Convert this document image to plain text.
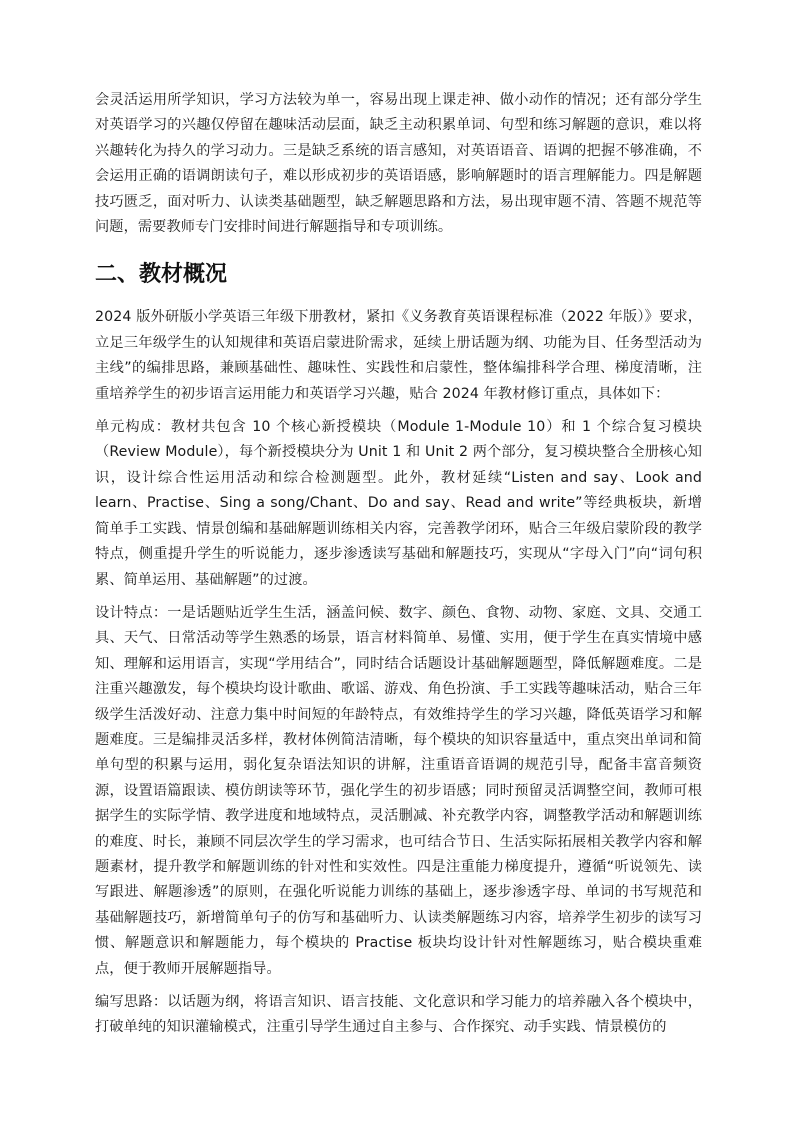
会灵活运用所学知识，学习方法较为单一，容易出现上课走神、做小动作的情况；还有部分学生对英语学习的兴趣仅停留在趣味活动层面，缺乏主动积累单词、句型和练习解题的意识，难以将兴趣转化为持久的学习动力。三是缺乏系统的语言感知，对英语语音、语调的把握不够准确，不会运用正确的语调朗读句子，难以形成初步的英语语感，影响解题时的语言理解能力。四是解题技巧匮乏，面对听力、认读类基础题型，缺乏解题思路和方法，易出现审题不清、答题不规范等问题，需要教师专门安排时间进行解题指导和专项训练。

二、教材概况

2024 版外研版小学英语三年级下册教材，紧扣《义务教育英语课程标准（2022 年版）》要求，立足三年级学生的认知规律和英语启蒙进阶需求，延续上册话题为纲、功能为目、任务型活动为主线”的编排思路，兼顾基础性、趣味性、实践性和启蒙性，整体编排科学合理、梯度清晰，注重培养学生的初步语言运用能力和英语学习兴趣，贴合 2024 年教材修订重点，具体如下：

单元构成：教材共包含 10 个核心新授模块（Module 1-Module 10）和 1 个综合复习模块（Review Module），每个新授模块分为 Unit 1 和 Unit 2 两个部分，复习模块整合全册核心知识，设计综合性运用活动和综合检测题型。此外，教材延续“Listen and say、Look and learn、Practise、Sing a song/Chant、Do and say、Read and write”等经典板块，新增简单手工实践、情景创编和基础解题训练相关内容，完善教学闭环，贴合三年级启蒙阶段的教学特点，侧重提升学生的听说能力，逐步渗透读写基础和解题技巧，实现从“字母入门”向“词句积累、简单运用、基础解题”的过渡。

设计特点：一是话题贴近学生生活，涵盖问候、数字、颜色、食物、动物、家庭、文具、交通工具、天气、日常活动等学生熟悉的场景，语言材料简单、易懂、实用，便于学生在真实情境中感知、理解和运用语言，实现“学用结合”，同时结合话题设计基础解题题型，降低解题难度。二是注重兴趣激发，每个模块均设计歌曲、歌谣、游戏、角色扮演、手工实践等趣味活动，贴合三年级学生活泼好动、注意力集中时间短的年龄特点，有效维持学生的学习兴趣，降低英语学习和解题难度。三是编排灵活多样，教材体例简洁清晰，每个模块的知识容量适中，重点突出单词和简单句型的积累与运用，弱化复杂语法知识的讲解，注重语音语调的规范引导，配备丰富音频资源，设置语篇跟读、模仿朗读等环节，强化学生的初步语感；同时预留灵活调整空间，教师可根据学生的实际学情、教学进度和地域特点，灵活删减、补充教学内容，调整教学活动和解题训练的难度、时长，兼顾不同层次学生的学习需求，也可结合节日、生活实际拓展相关教学内容和解题素材，提升教学和解题训练的针对性和实效性。四是注重能力梯度提升，遵循“听说领先、读写跟进、解题渗透”的原则，在强化听说能力训练的基础上，逐步渗透字母、单词的书写规范和基础解题技巧，新增简单句子的仿写和基础听力、认读类解题练习内容，培养学生初步的读写习惯、解题意识和解题能力，每个模块的 Practise 板块均设计针对性解题练习，贴合模块重难点，便于教师开展解题指导。

编写思路：以话题为纲，将语言知识、语言技能、文化意识和学习能力的培养融入各个模块中，打破单纯的知识灌输模式，注重引导学生通过自主参与、合作探究、动手实践、情景模仿的
